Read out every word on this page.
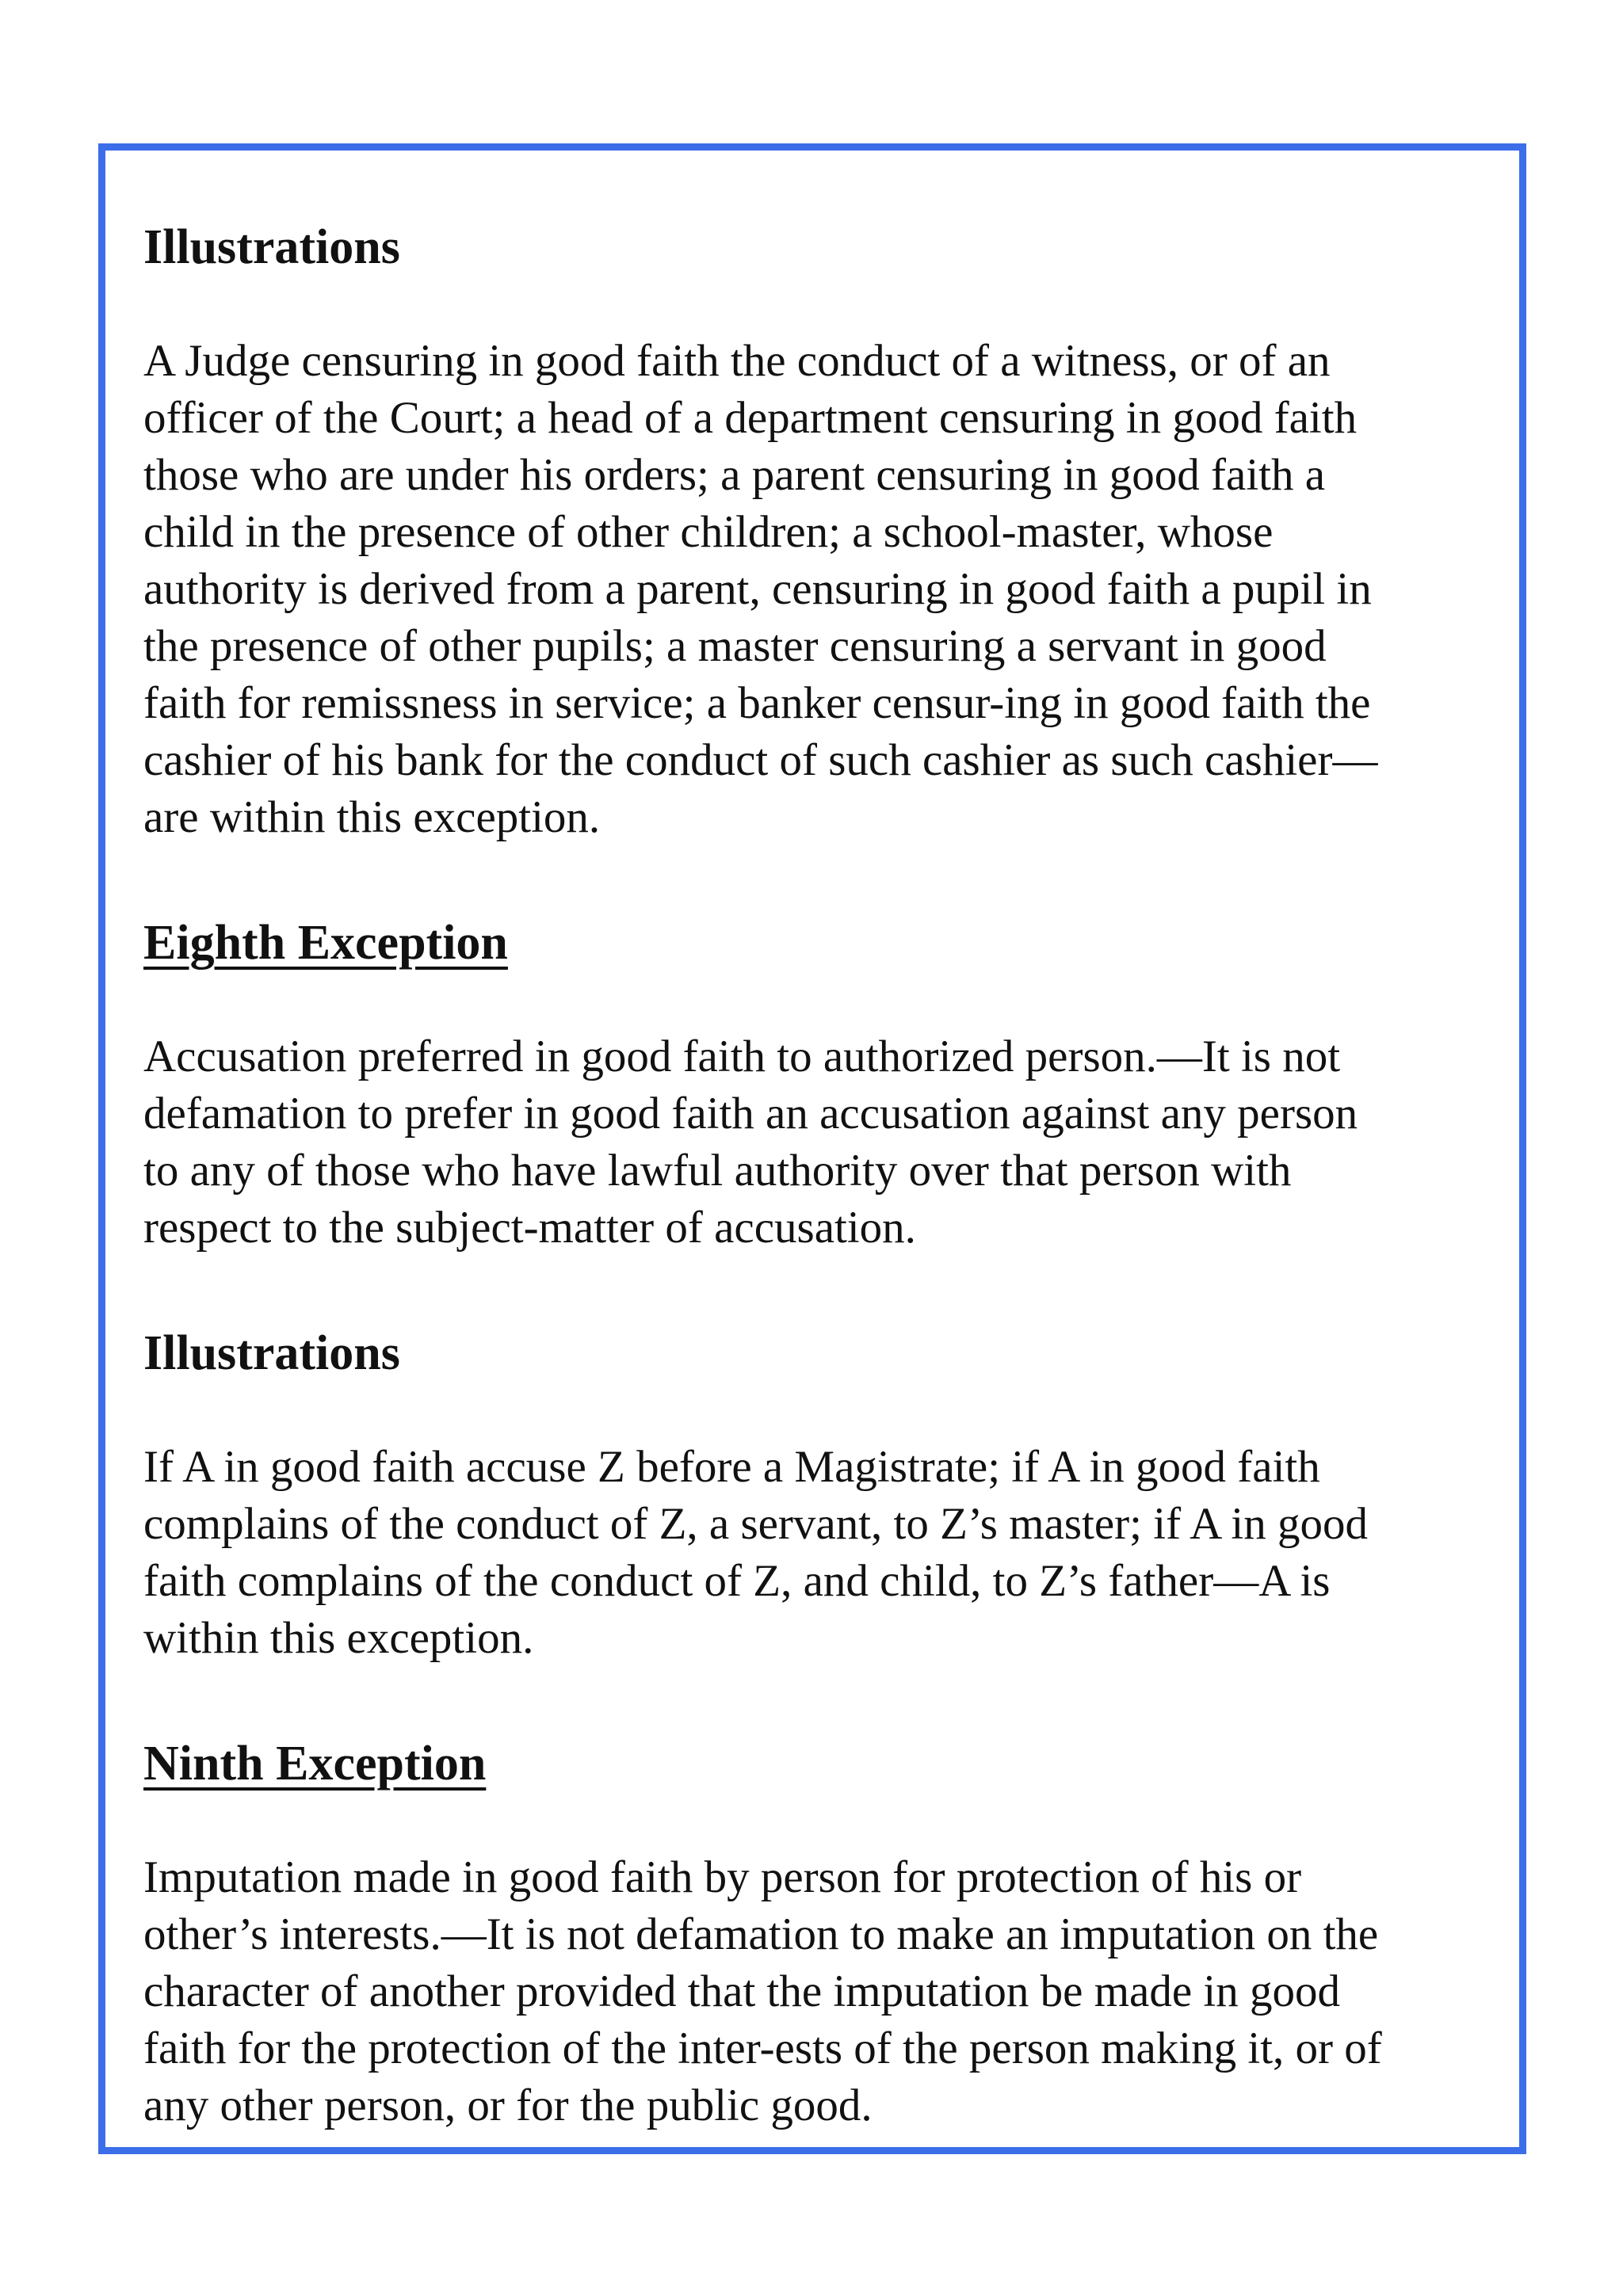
Illustrations

A Judge censuring in good faith the conduct of a witness, or of an

officer of the Court; a head of a department censuring in good faith

those who are under his orders; a parent censuring in good faith a

child in the presence of other children; a school-master, whose

authority is derived from a parent, censuring in good faith a pupil in

the presence of other pupils; a master censuring a servant in good

faith for remissness in service; a banker censur-ing in good faith the

cashier of his bank for the conduct of such cashier as such cashier—

are within this exception.

Eighth Exception

Accusation preferred in good faith to authorized person.—It is not

defamation to prefer in good faith an accusation against any person

to any of those who have lawful authority over that person with

respect to the subject-matter of accusation.

Illustrations

If A in good faith accuse Z before a Magistrate; if A in good faith

complains of the conduct of Z, a servant, to Z’s master; if A in good

faith complains of the conduct of Z, and child, to Z’s father—A is

within this exception.

Ninth Exception

Imputation made in good faith by person for protection of his or

other’s interests.—It is not defamation to make an imputation on the

character of another provided that the imputation be made in good

faith for the protection of the inter-ests of the person making it, or of

any other person, or for the public good.
